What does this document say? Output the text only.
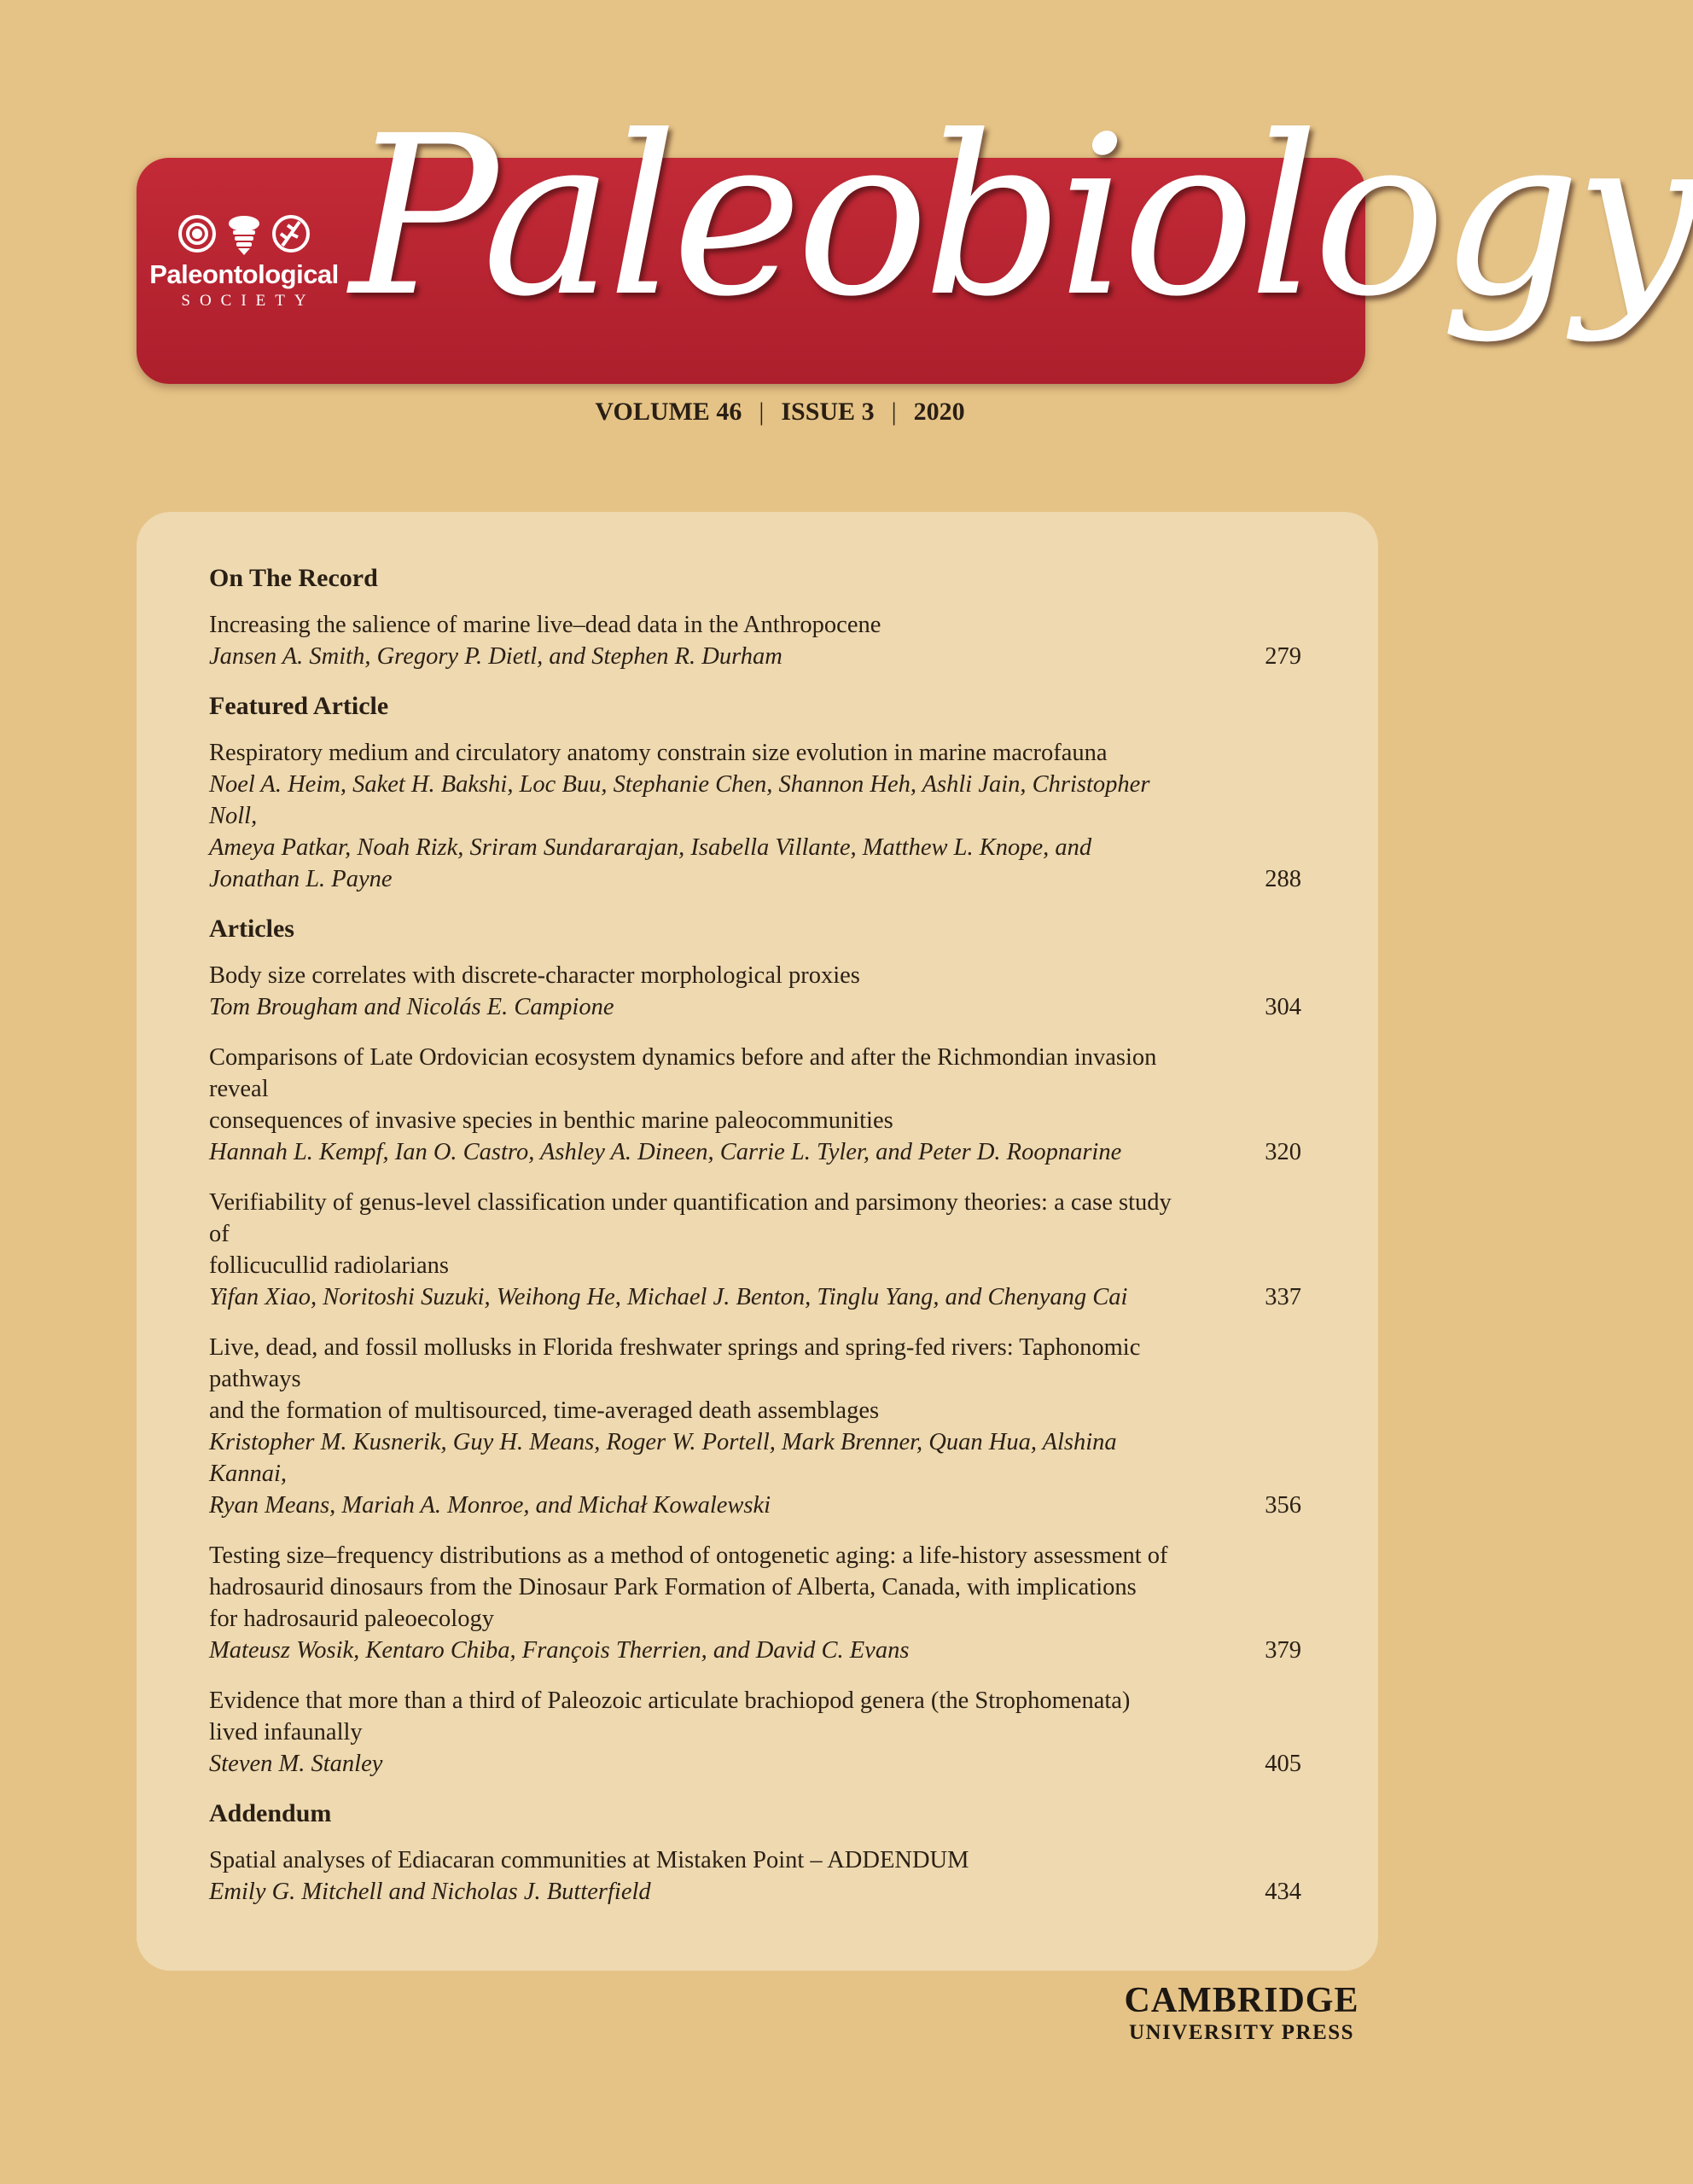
Paleontological
SOCIETY Paleobiology
VOLUME 46 | ISSUE 3 | 2020
On The Record
Increasing the salience of marine live–dead data in the Anthropocene
Jansen A. Smith, Gregory P. Dietl, and Stephen R. Durham	279
Featured Article
Respiratory medium and circulatory anatomy constrain size evolution in marine macrofauna
Noel A. Heim, Saket H. Bakshi, Loc Buu, Stephanie Chen, Shannon Heh, Ashli Jain, Christopher Noll,
Ameya Patkar, Noah Rizk, Sriram Sundararajan, Isabella Villante, Matthew L. Knope, and
Jonathan L. Payne	288
Articles
Body size correlates with discrete-character morphological proxies
Tom Brougham and Nicolás E. Campione	304
Comparisons of Late Ordovician ecosystem dynamics before and after the Richmondian invasion reveal
consequences of invasive species in benthic marine paleocommunities
Hannah L. Kempf, Ian O. Castro, Ashley A. Dineen, Carrie L. Tyler, and Peter D. Roopnarine	320
Verifiability of genus-level classification under quantification and parsimony theories: a case study of
follicucullid radiolarians
Yifan Xiao, Noritoshi Suzuki, Weihong He, Michael J. Benton, Tinglu Yang, and Chenyang Cai	337
Live, dead, and fossil mollusks in Florida freshwater springs and spring-fed rivers: Taphonomic pathways
and the formation of multisourced, time-averaged death assemblages
Kristopher M. Kusnerik, Guy H. Means, Roger W. Portell, Mark Brenner, Quan Hua, Alshina Kannai,
Ryan Means, Mariah A. Monroe, and Michał Kowalewski	356
Testing size–frequency distributions as a method of ontogenetic aging: a life-history assessment of
hadrosaurid dinosaurs from the Dinosaur Park Formation of Alberta, Canada, with implications
for hadrosaurid paleoecology
Mateusz Wosik, Kentaro Chiba, François Therrien, and David C. Evans	379
Evidence that more than a third of Paleozoic articulate brachiopod genera (the Strophomenata)
lived infaunally
Steven M. Stanley	405
Addendum
Spatial analyses of Ediacaran communities at Mistaken Point – ADDENDUM
Emily G. Mitchell and Nicholas J. Butterfield	434
CAMBRIDGE
UNIVERSITY PRESS
